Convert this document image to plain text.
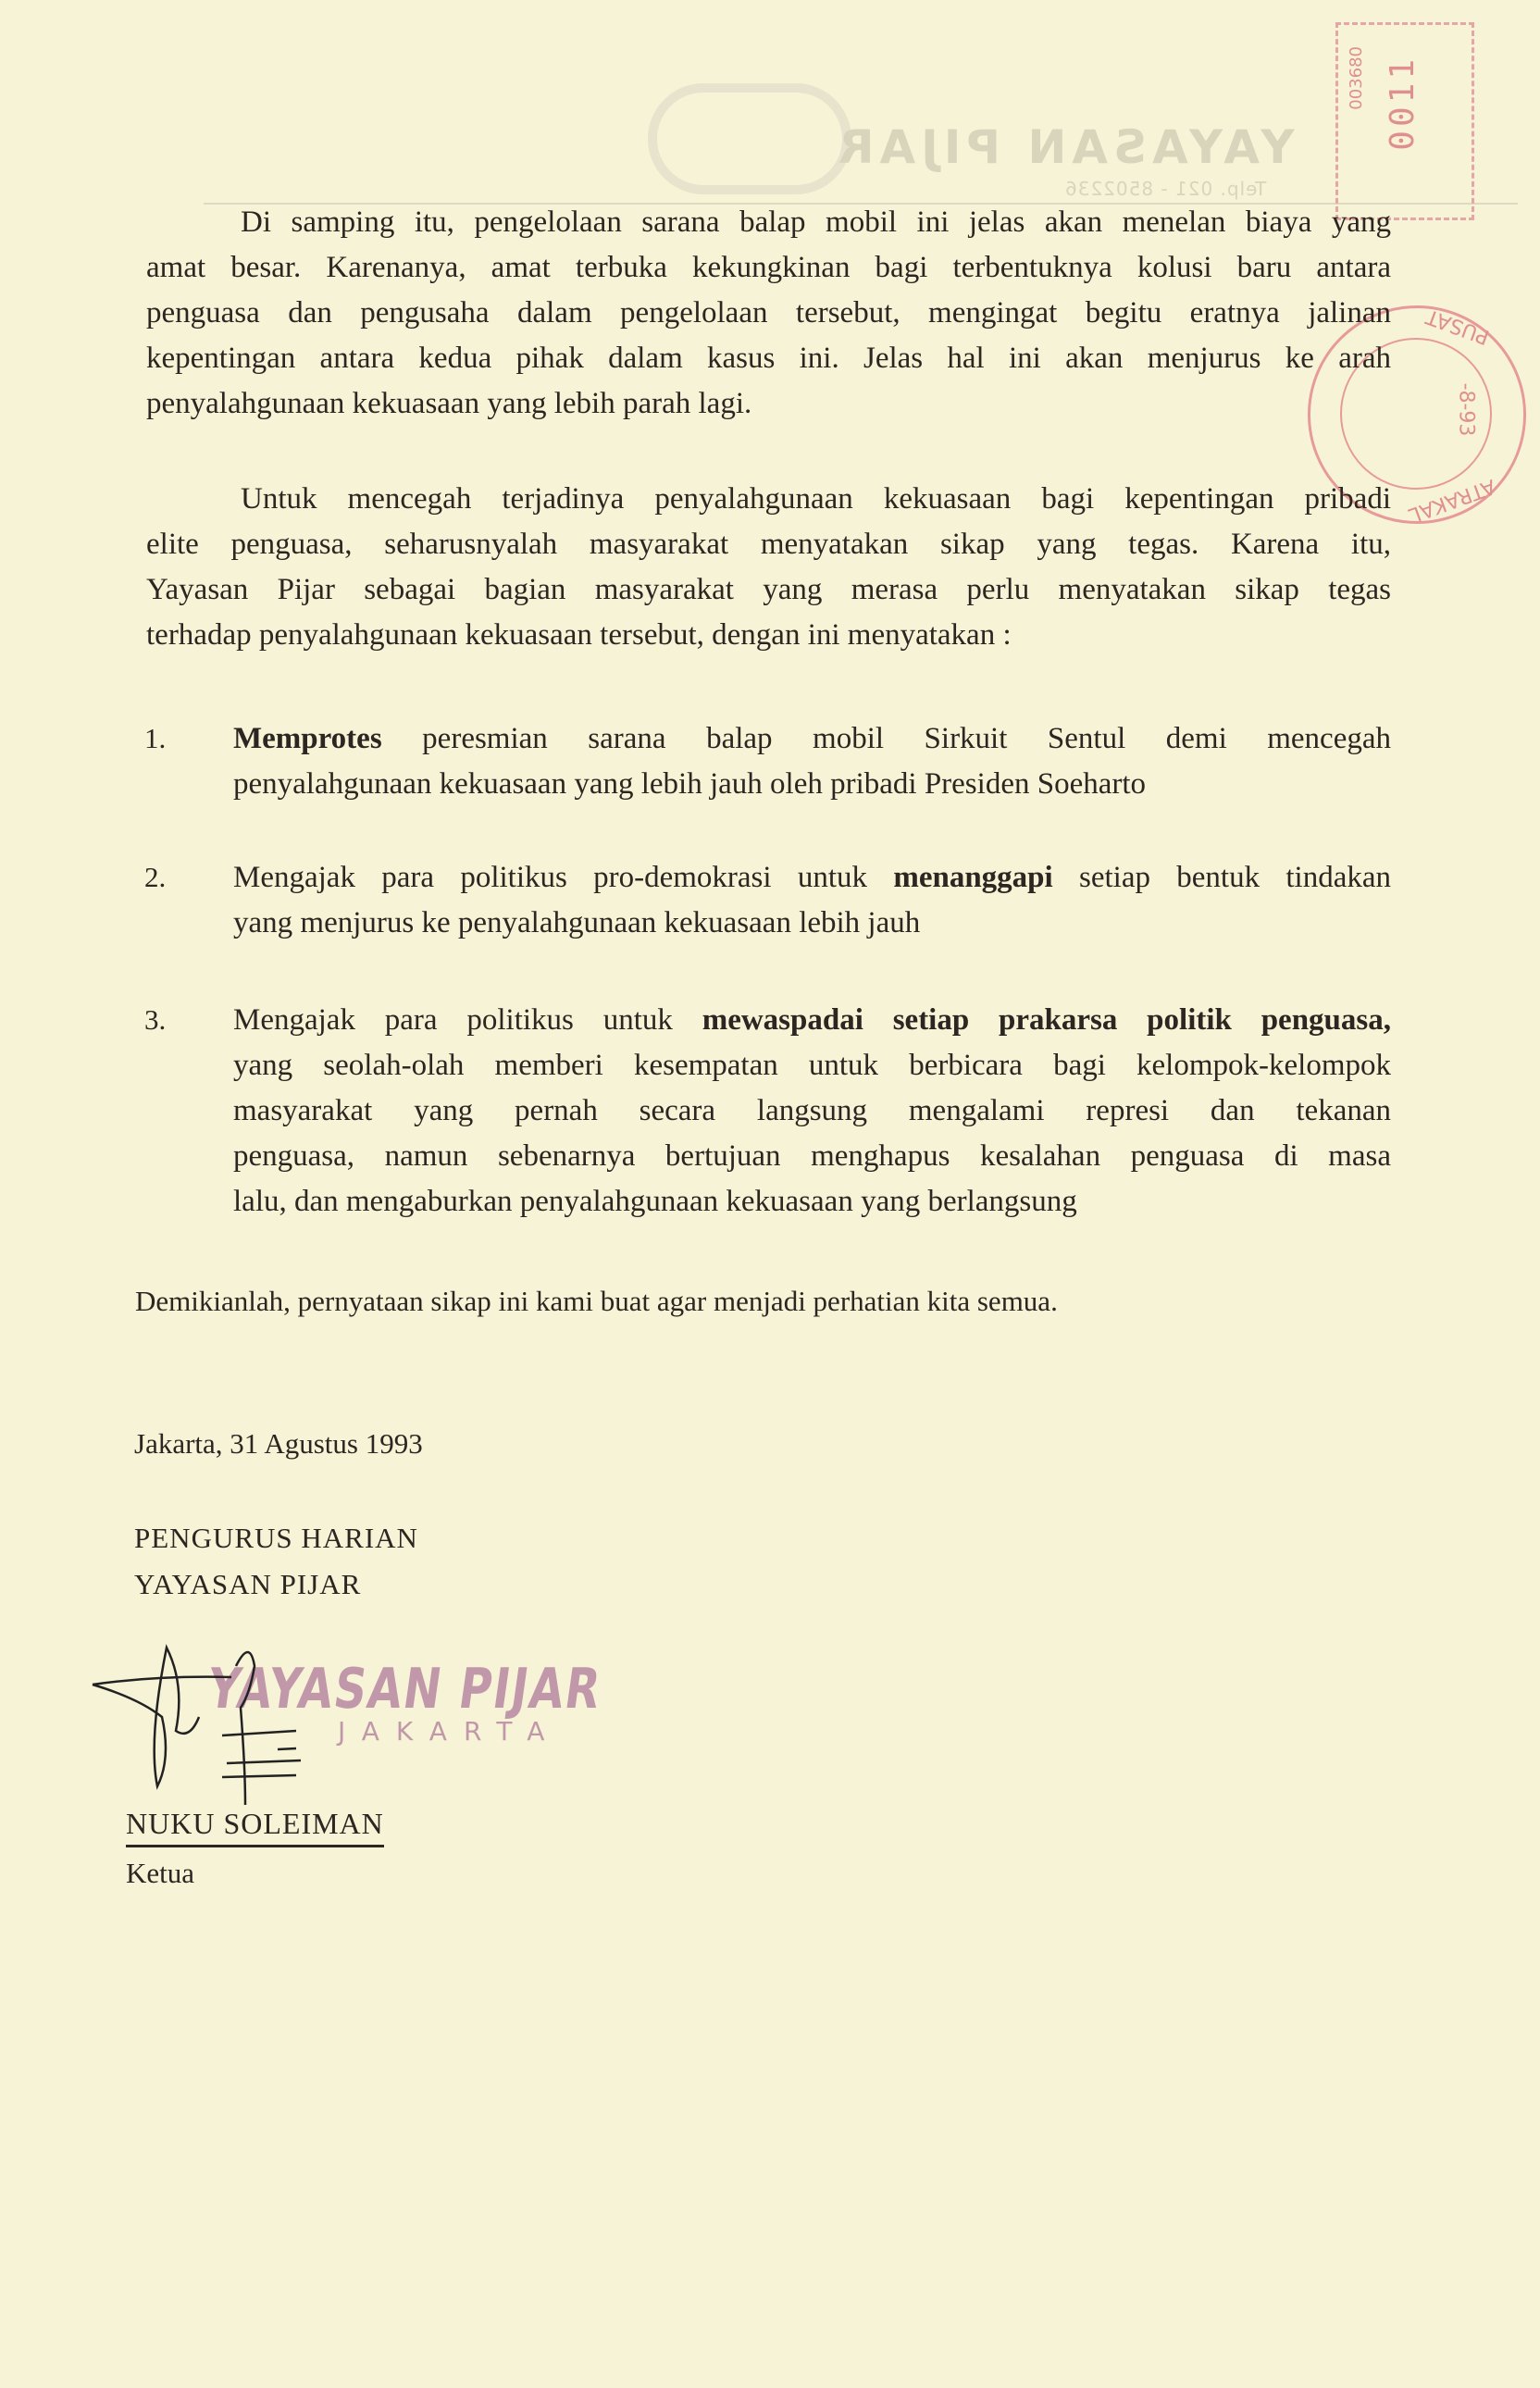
YAYASAN PIJAR
Telp. 021 - 8502236
0011
003680
PUSAT
-8-93
ATRAKAL
Di samping itu, pengelolaan sarana balap mobil ini jelas akan menelan biaya yang
amat besar. Karenanya, amat terbuka kekungkinan bagi terbentuknya kolusi baru antara
penguasa dan pengusaha dalam pengelolaan tersebut, mengingat begitu eratnya jalinan
kepentingan antara kedua pihak dalam kasus ini. Jelas hal ini akan menjurus ke arah
penyalahgunaan kekuasaan yang lebih parah lagi.
Untuk mencegah terjadinya penyalahgunaan kekuasaan bagi kepentingan pribadi
elite penguasa, seharusnyalah masyarakat menyatakan sikap yang tegas. Karena itu,
Yayasan Pijar sebagai bagian masyarakat yang merasa perlu menyatakan sikap tegas
terhadap penyalahgunaan kekuasaan tersebut, dengan ini menyatakan :
1. Memprotes peresmian sarana balap mobil Sirkuit Sentul demi mencegah
penyalahgunaan kekuasaan yang lebih jauh oleh pribadi Presiden Soeharto
2. Mengajak para politikus pro-demokrasi untuk menanggapi setiap bentuk tindakan
yang menjurus ke penyalahgunaan kekuasaan lebih jauh
3. Mengajak para politikus untuk mewaspadai setiap prakarsa politik penguasa,
yang seolah-olah memberi kesempatan untuk berbicara bagi kelompok-kelompok
masyarakat yang pernah secara langsung mengalami represi dan tekanan
penguasa, namun sebenarnya bertujuan menghapus kesalahan penguasa di masa
lalu, dan mengaburkan penyalahgunaan kekuasaan yang berlangsung
Demikianlah, pernyataan sikap ini kami buat agar menjadi perhatian kita semua.
Jakarta, 31 Agustus 1993
PENGURUS HARIAN
YAYASAN PIJAR
YAYASAN PIJAR
JAKARTA
NUKU SOLEIMAN
Ketua
